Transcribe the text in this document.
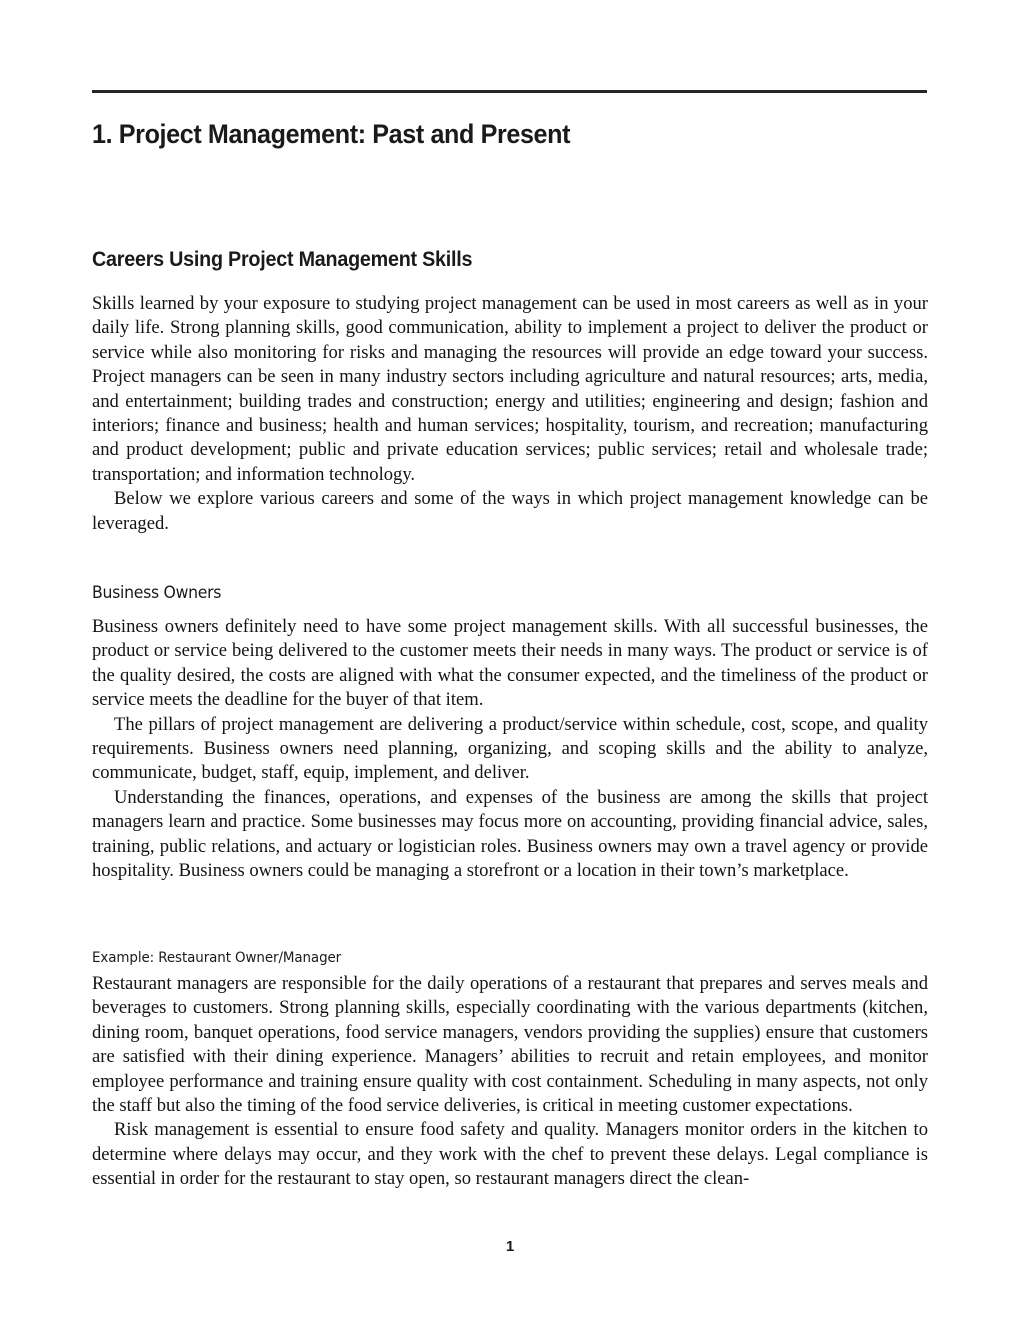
1. Project Management: Past and Present
Careers Using Project Management Skills

Skills learned by your exposure to studying project management can be used in most careers as well as in your daily life. Strong planning skills, good communication, ability to implement a project to deliver the product or service while also monitoring for risks and managing the resources will provide an edge toward your success. Project managers can be seen in many industry sectors including agriculture and natural resources; arts, media, and entertainment; building trades and construction; energy and utilities; engineering and design; fashion and interiors; finance and business; health and human services; hospitality, tourism, and recreation; manufacturing and product development; public and private education services; public services; retail and wholesale trade; transportation; and information technology.

Below we explore various careers and some of the ways in which project management knowledge can be leveraged.

Business Owners

Business owners definitely need to have some project management skills. With all successful businesses, the product or service being delivered to the customer meets their needs in many ways. The product or service is of the quality desired, the costs are aligned with what the consumer expected, and the timeliness of the product or service meets the deadline for the buyer of that item.

The pillars of project management are delivering a product/service within schedule, cost, scope, and quality requirements. Business owners need planning, organizing, and scoping skills and the ability to analyze, communicate, budget, staff, equip, implement, and deliver.

Understanding the finances, operations, and expenses of the business are among the skills that project managers learn and practice. Some businesses may focus more on accounting, providing financial advice, sales, training, public relations, and actuary or logistician roles. Business owners may own a travel agency or provide hospitality. Business owners could be managing a storefront or a location in their town’s marketplace.

Example: Restaurant Owner/Manager

Restaurant managers are responsible for the daily operations of a restaurant that prepares and serves meals and beverages to customers. Strong planning skills, especially coordinating with the various departments (kitchen, dining room, banquet operations, food service managers, vendors providing the supplies) ensure that customers are satisfied with their dining experience. Managers’ abilities to recruit and retain employees, and monitor employee performance and training ensure quality with cost containment. Scheduling in many aspects, not only the staff but also the timing of the food service deliveries, is critical in meeting customer expectations.

Risk management is essential to ensure food safety and quality. Managers monitor orders in the kitchen to determine where delays may occur, and they work with the chef to prevent these delays. Legal compliance is essential in order for the restaurant to stay open, so restaurant managers direct the clean-

1
